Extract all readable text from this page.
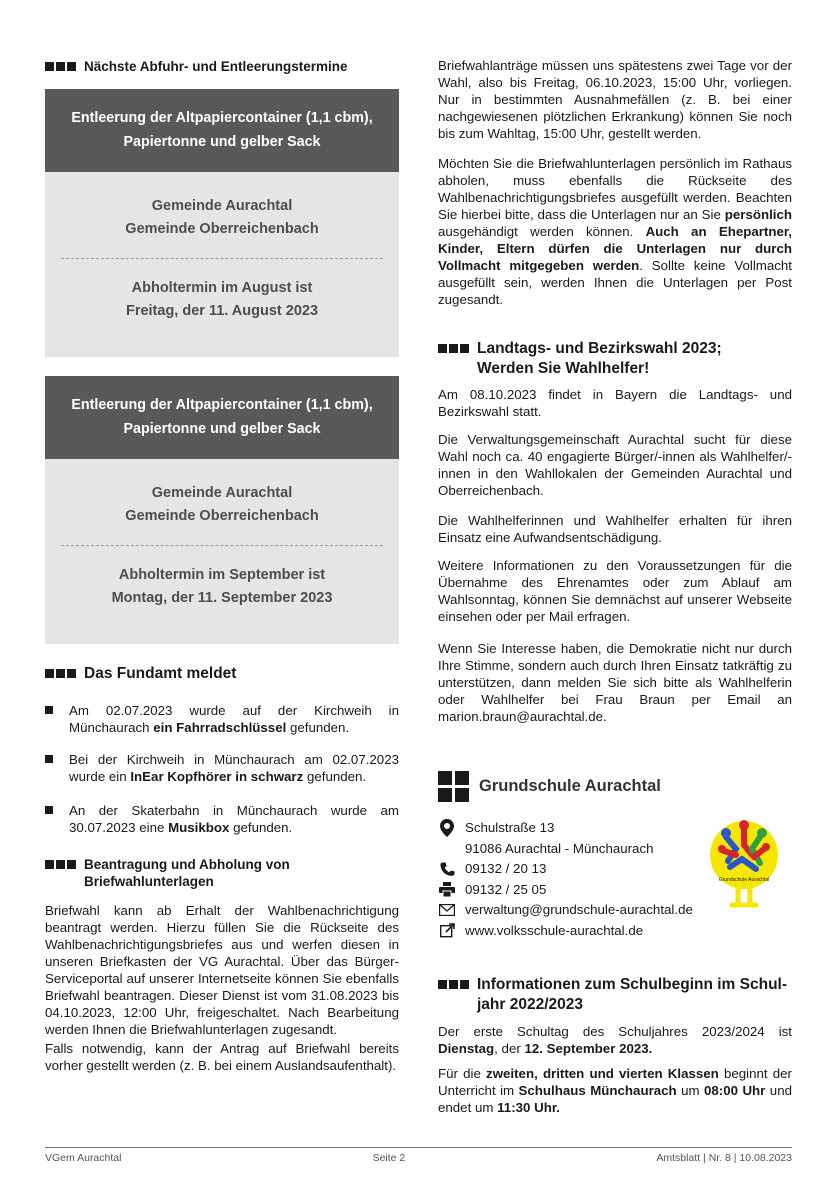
Nächste Abfuhr- und Entleerungstermine
Entleerung der Altpapiercontainer (1,1 cbm),
Papiertonne und gelber Sack
Gemeinde Aurachtal
Gemeinde Oberreichenbach
Abholtermin im August ist
Freitag, der 11. August 2023
Entleerung der Altpapiercontainer (1,1 cbm),
Papiertonne und gelber Sack
Gemeinde Aurachtal
Gemeinde Oberreichenbach
Abholtermin im September ist
Montag, der 11. September 2023
Das Fundamt meldet
Am 02.07.2023 wurde auf der Kirchweih in Münchaurach ein Fahrradschlüssel gefunden.
Bei der Kirchweih in Münchaurach am 02.07.2023 wurde ein InEar Kopfhörer in schwarz gefunden.
An der Skaterbahn in Münchaurach wurde am 30.07.2023 eine Musikbox gefunden.
Beantragung und Abholung von
Briefwahlunterlagen
Briefwahl kann ab Erhalt der Wahlbenachrichtigung beantragt werden. Hierzu füllen Sie die Rückseite des Wahlbenachrichtigungsbriefes aus und werfen diesen in unseren Briefkasten der VG Aurachtal. Über das Bürger-Serviceportal auf unserer Internetseite können Sie ebenfalls Briefwahl beantragen. Dieser Dienst ist vom 31.08.2023 bis 04.10.2023, 12:00 Uhr, freigeschaltet. Nach Bearbeitung werden Ihnen die Briefwahlunterlagen zugesandt.
Falls notwendig, kann der Antrag auf Briefwahl bereits vorher gestellt werden (z. B. bei einem Auslandsaufenthalt).
Briefwahlanträge müssen uns spätestens zwei Tage vor der Wahl, also bis Freitag, 06.10.2023, 15:00 Uhr, vorliegen. Nur in bestimmten Ausnahmefällen (z. B. bei einer nachgewiesenen plötzlichen Erkrankung) können Sie noch bis zum Wahltag, 15:00 Uhr, gestellt werden.
Möchten Sie die Briefwahlunterlagen persönlich im Rathaus abholen, muss ebenfalls die Rückseite des Wahlbenachrichtigungsbriefes ausgefüllt werden. Beachten Sie hierbei bitte, dass die Unterlagen nur an Sie persönlich ausgehändigt werden können. Auch an Ehepartner, Kinder, Eltern dürfen die Unterlagen nur durch Vollmacht mitgegeben werden. Sollte keine Vollmacht ausgefüllt sein, werden Ihnen die Unterlagen per Post zugesandt.
Landtags- und Bezirkswahl 2023;
Werden Sie Wahlhelfer!
Am 08.10.2023 findet in Bayern die Landtags- und Bezirkswahl statt.
Die Verwaltungsgemeinschaft Aurachtal sucht für diese Wahl noch ca. 40 engagierte Bürger/-innen als Wahlhelfer/-innen in den Wahllokalen der Gemeinden Aurachtal und Oberreichenbach.
Die Wahlhelferinnen und Wahlhelfer erhalten für ihren Einsatz eine Aufwandsentschädigung.
Weitere Informationen zu den Voraussetzungen für die Übernahme des Ehrenamtes oder zum Ablauf am Wahlsonntag, können Sie demnächst auf unserer Webseite einsehen oder per Mail erfragen.
Wenn Sie Interesse haben, die Demokratie nicht nur durch Ihre Stimme, sondern auch durch Ihren Einsatz tatkräftig zu unterstützen, dann melden Sie sich bitte als Wahlhelferin oder Wahlhelfer bei Frau Braun per Email an marion.braun@aurachtal.de.
Grundschule Aurachtal
Schulstraße 13
91086 Aurachtal - Münchaurach
09132 / 20 13
09132 / 25 05
verwaltung@grundschule-aurachtal.de
www.volksschule-aurachtal.de
Grundschule Aurachtal
Informationen zum Schulbeginn im Schul-
jahr 2022/2023
Der erste Schultag des Schuljahres 2023/2024 ist Dienstag, der 12. September 2023.
Für die zweiten, dritten und vierten Klassen beginnt der Unterricht im Schulhaus Münchaurach um 08:00 Uhr und endet um 11:30 Uhr.
VGem Aurachtal	Seite 2	Amtsblatt | Nr. 8 | 10.08.2023
